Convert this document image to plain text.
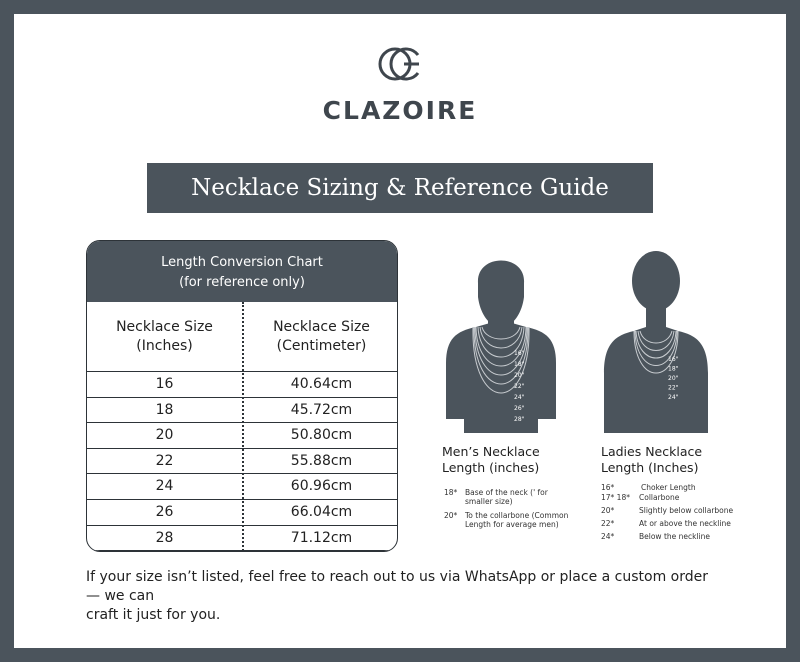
CLAZOIRE
Necklace Sizing & Reference Guide
Length Conversion Chart
(for reference only)
Necklace Size
(Inches)
Necklace Size
(Centimeter)
16	40.64cm
18	45.72cm
20	50.80cm
22	55.88cm
24	60.96cm
26	66.04cm
28	71.12cm
16"
18"
20"
22"
24"
26"
28"
16"
18"
20"
22"
24"
Men’s Necklace
Length (inches)
Ladies Necklace
Length (Inches)
18* Base of the neck (' for
smaller size)
20* To the collarbone (Common
Length for average men)
16*	Choker Length
17* 18* Collarbone
20*	Slightly below collarbone
22*	At or above the neckline
24*	Below the neckline
If your size isn’t listed, feel free to reach out to us via WhatsApp or place a custom order — we can
craft it just for you.
